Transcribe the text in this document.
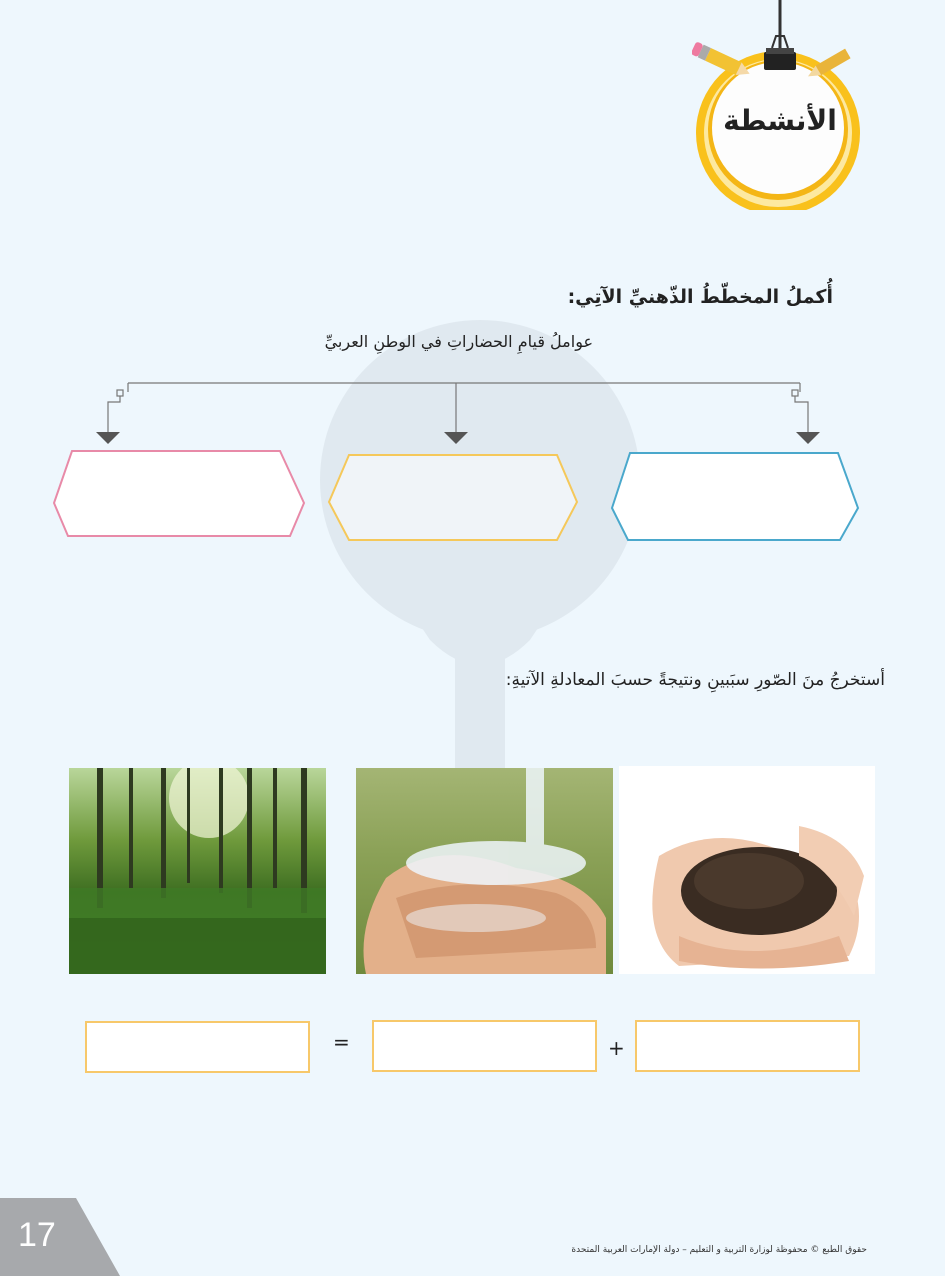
الأنشطة
أُكملُ المخطّطُ الذّهنيِّ الآتِي:
عواملُ قيامِ الحضاراتِ في الوطنِ العربيِّ
أستخرجُ منَ الصّورِ سبَبينِ ونتيجةً حسبَ المعادلةِ الآتيةِ:
=	+
17	حقوق الطبع © محفوظة لوزارة التربية و التعليم – دولة الإمارات العربية المتحدة
